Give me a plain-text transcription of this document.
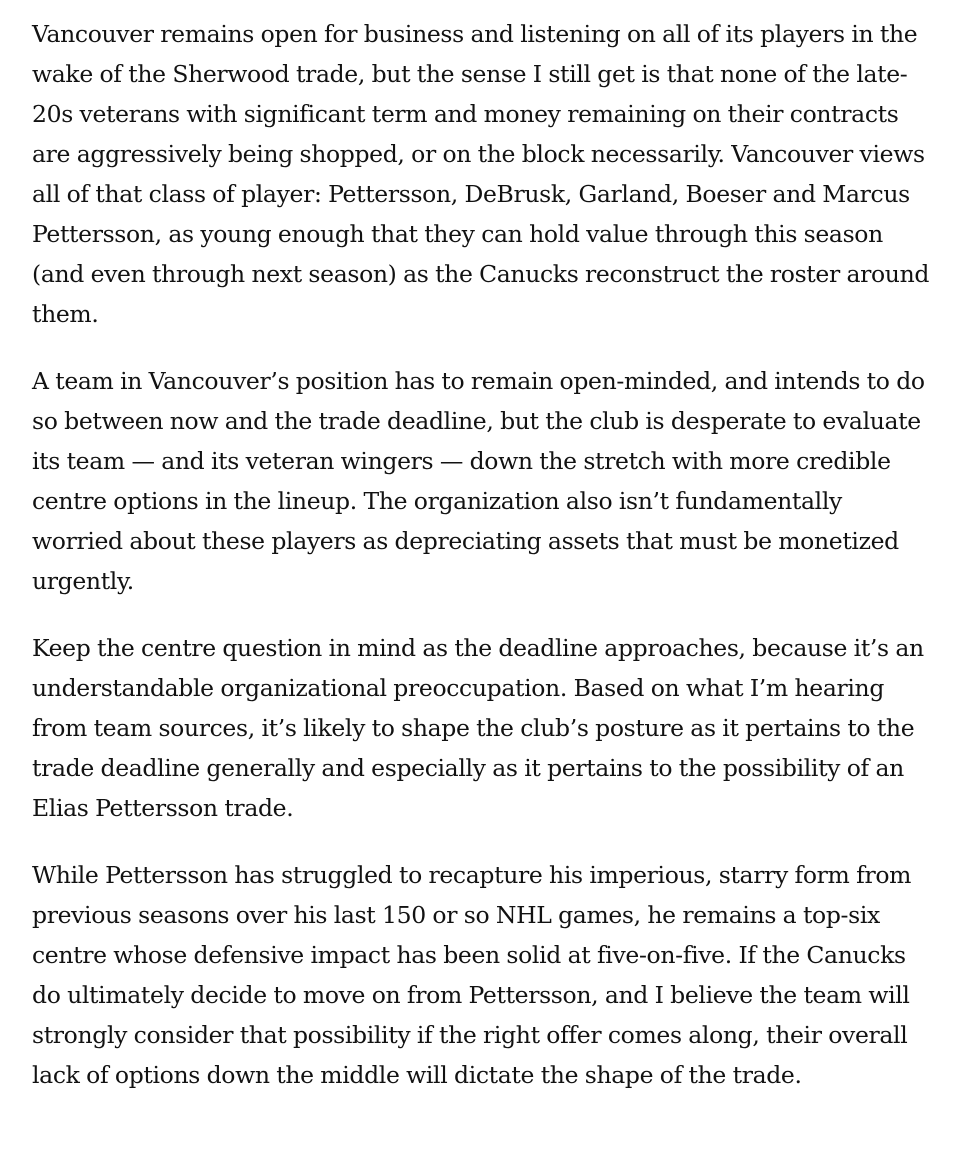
Vancouver remains open for business and listening on all of its players in the wake of the Sherwood trade, but the sense I still get is that none of the late-20s veterans with significant term and money remaining on their contracts are aggressively being shopped, or on the block necessarily. Vancouver views all of that class of player: Pettersson, DeBrusk, Garland, Boeser and Marcus Pettersson, as young enough that they can hold value through this season (and even through next season) as the Canucks reconstruct the roster around them.

A team in Vancouver’s position has to remain open-minded, and intends to do so between now and the trade deadline, but the club is desperate to evaluate its team — and its veteran wingers — down the stretch with more credible centre options in the lineup. The organization also isn’t fundamentally worried about these players as depreciating assets that must be monetized urgently.

Keep the centre question in mind as the deadline approaches, because it’s an understandable organizational preoccupation. Based on what I’m hearing from team sources, it’s likely to shape the club’s posture as it pertains to the trade deadline generally and especially as it pertains to the possibility of an Elias Pettersson trade.

While Pettersson has struggled to recapture his imperious, starry form from previous seasons over his last 150 or so NHL games, he remains a top-six centre whose defensive impact has been solid at five-on-five. If the Canucks do ultimately decide to move on from Pettersson, and I believe the team will strongly consider that possibility if the right offer comes along, their overall lack of options down the middle will dictate the shape of the trade.
